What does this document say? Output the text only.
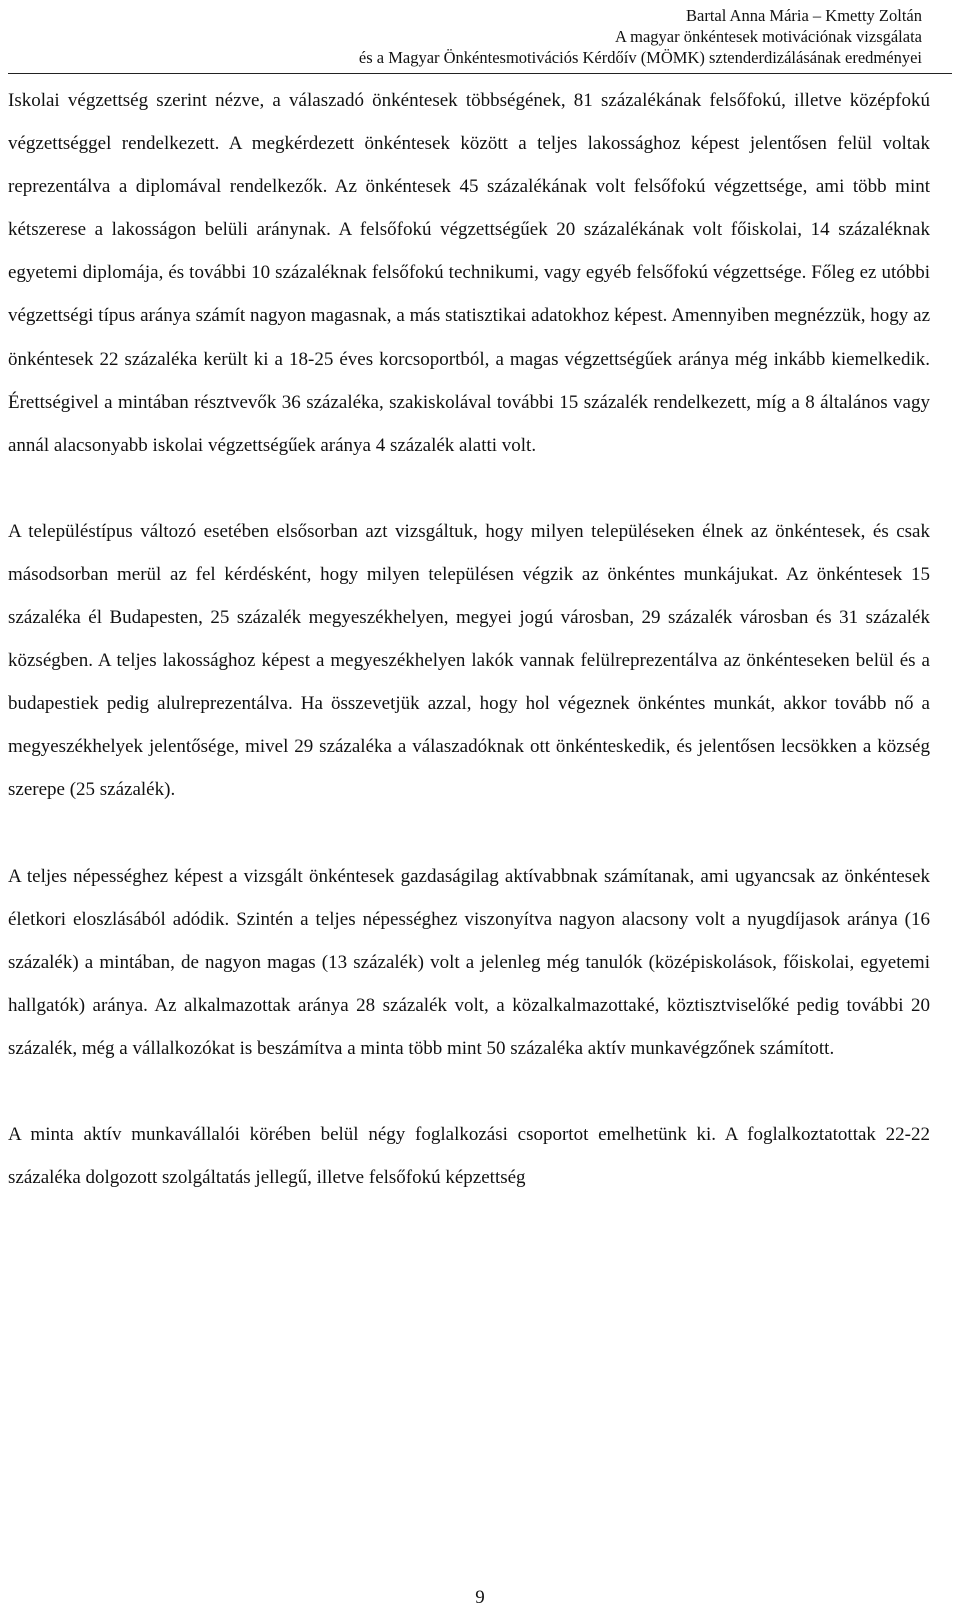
Bartal Anna Mária – Kmetty Zoltán
A magyar önkéntesek motivációnak vizsgálata
és a Magyar Önkéntesmotivációs Kérdőív (MÖMK) sztenderdizálásának eredményei

Iskolai végzettség szerint nézve, a válaszadó önkéntesek többségének, 81 százalékának felsőfokú, illetve középfokú végzettséggel rendelkezett. A megkérdezett önkéntesek között a teljes lakossághoz képest jelentősen felül voltak reprezentálva a diplomával rendelkezők. Az önkéntesek 45 százalékának volt felsőfokú végzettsége, ami több mint kétszerese a lakosságon belüli aránynak. A felsőfokú végzettségűek 20 százalékának volt főiskolai, 14 százaléknak egyetemi diplomája, és további 10 százaléknak felsőfokú technikumi, vagy egyéb felsőfokú végzettsége. Főleg ez utóbbi végzettségi típus aránya számít nagyon magasnak, a más statisztikai adatokhoz képest. Amennyiben megnézzük, hogy az önkéntesek 22 százaléka került ki a 18-25 éves korcsoportból, a magas végzettségűek aránya még inkább kiemelkedik. Érettségivel a mintában résztvevők 36 százaléka, szakiskolával további 15 százalék rendelkezett, míg a 8 általános vagy annál alacsonyabb iskolai végzettségűek aránya 4 százalék alatti volt.

A településtípus változó esetében elsősorban azt vizsgáltuk, hogy milyen településeken élnek az önkéntesek, és csak másodsorban merül az fel kérdésként, hogy milyen településen végzik az önkéntes munkájukat. Az önkéntesek 15 százaléka él Budapesten, 25 százalék megyeszékhelyen, megyei jogú városban, 29 százalék városban és 31 százalék községben. A teljes lakossághoz képest a megyeszékhelyen lakók vannak felülreprezentálva az önkénteseken belül és a budapestiek pedig alulreprezentálva. Ha összevetjük azzal, hogy hol végeznek önkéntes munkát, akkor tovább nő a megyeszékhelyek jelentősége, mivel 29 százaléka a válaszadóknak ott önkénteskedik, és jelentősen lecsökken a község szerepe (25 százalék).

A teljes népességhez képest a vizsgált önkéntesek gazdaságilag aktívabbnak számítanak, ami ugyancsak az önkéntesek életkori eloszlásából adódik. Szintén a teljes népességhez viszonyítva nagyon alacsony volt a nyugdíjasok aránya (16 százalék) a mintában, de nagyon magas (13 százalék) volt a jelenleg még tanulók (középiskolások, főiskolai, egyetemi hallgatók) aránya. Az alkalmazottak aránya 28 százalék volt, a közalkalmazottaké, köztisztviselőké pedig további 20 százalék, még a vállalkozókat is beszámítva a minta több mint 50 százaléka aktív munkavégzőnek számított.

A minta aktív munkavállalói körében belül négy foglalkozási csoportot emelhetünk ki. A foglalkoztatottak 22-22 százaléka dolgozott szolgáltatás jellegű, illetve felsőfokú képzettség

9
